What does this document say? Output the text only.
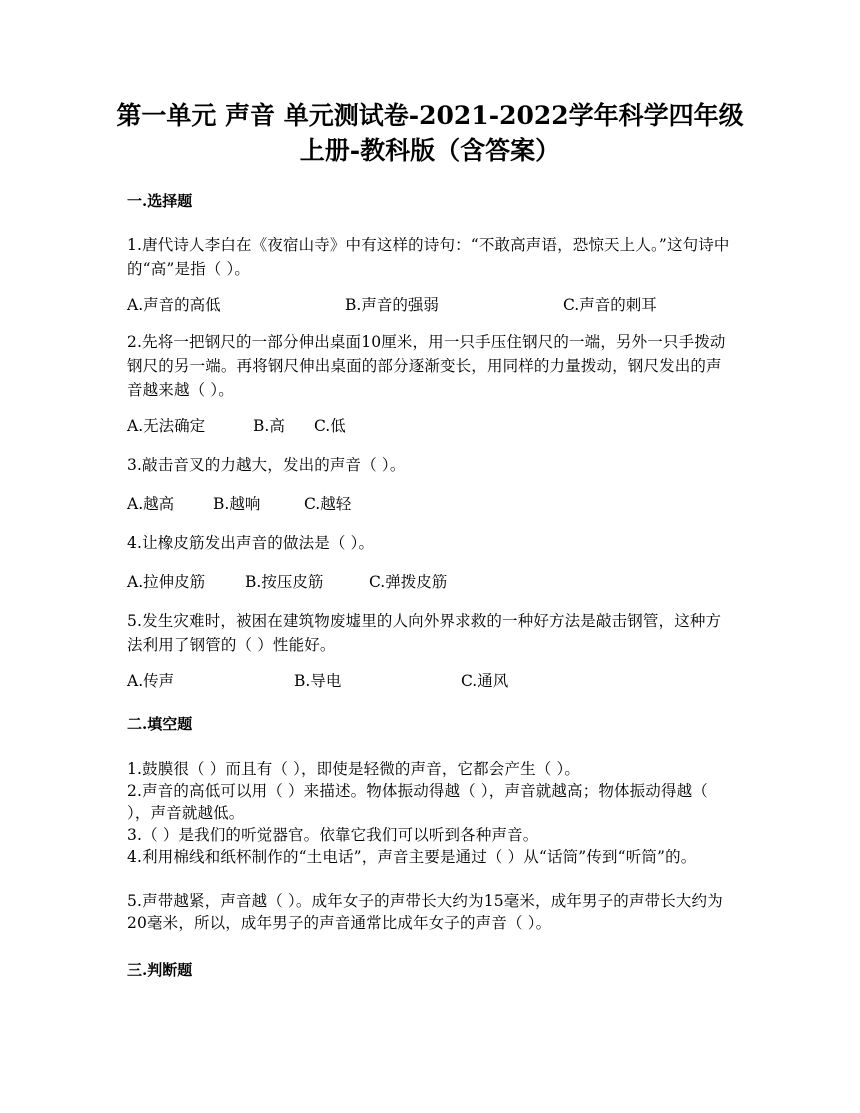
第一单元 声音 单元测试卷-2021-2022学年科学四年级
上册-教科版（含答案）
一.选择题
1.唐代诗人李白在《夜宿山寺》中有这样的诗句：“不敢高声语，恐惊天上人。”这句诗中的“高”是指（ ）。
A.声音的高低	B.声音的强弱	C.声音的刺耳
2.先将一把钢尺的一部分伸出桌面10厘米，用一只手压住钢尺的一端，另外一只手拨动钢尺的另一端。再将钢尺伸出桌面的部分逐渐变长，用同样的力量拨动，钢尺发出的声音越来越（ ）。
A.无法确定	B.高 C.低
3.敲击音叉的力越大，发出的声音（ ）。
A.越高	B.越响	C.越轻
4.让橡皮筋发出声音的做法是（ ）。
A.拉伸皮筋	B.按压皮筋	C.弹拨皮筋
5.发生灾难时，被困在建筑物废墟里的人向外界求救的一种好方法是敲击钢管，这种方法利用了钢管的（ ）性能好。
A.传声	B.导电	C.通风
二.填空题
1.鼓膜很（ ）而且有（ ），即使是轻微的声音，它都会产生（ ）。
2.声音的高低可以用（ ）来描述。物体振动得越（ ），声音就越高；物体振动得越（ ），声音就越低。
3.（ ）是我们的听觉器官。依靠它我们可以听到各种声音。
4.利用棉线和纸杯制作的“土电话”，声音主要是通过（ ）从“话筒”传到“听筒”的。
5.声带越紧，声音越（ ）。成年女子的声带长大约为15毫米，成年男子的声带长大约为20毫米，所以，成年男子的声音通常比成年女子的声音（ ）。
三.判断题
